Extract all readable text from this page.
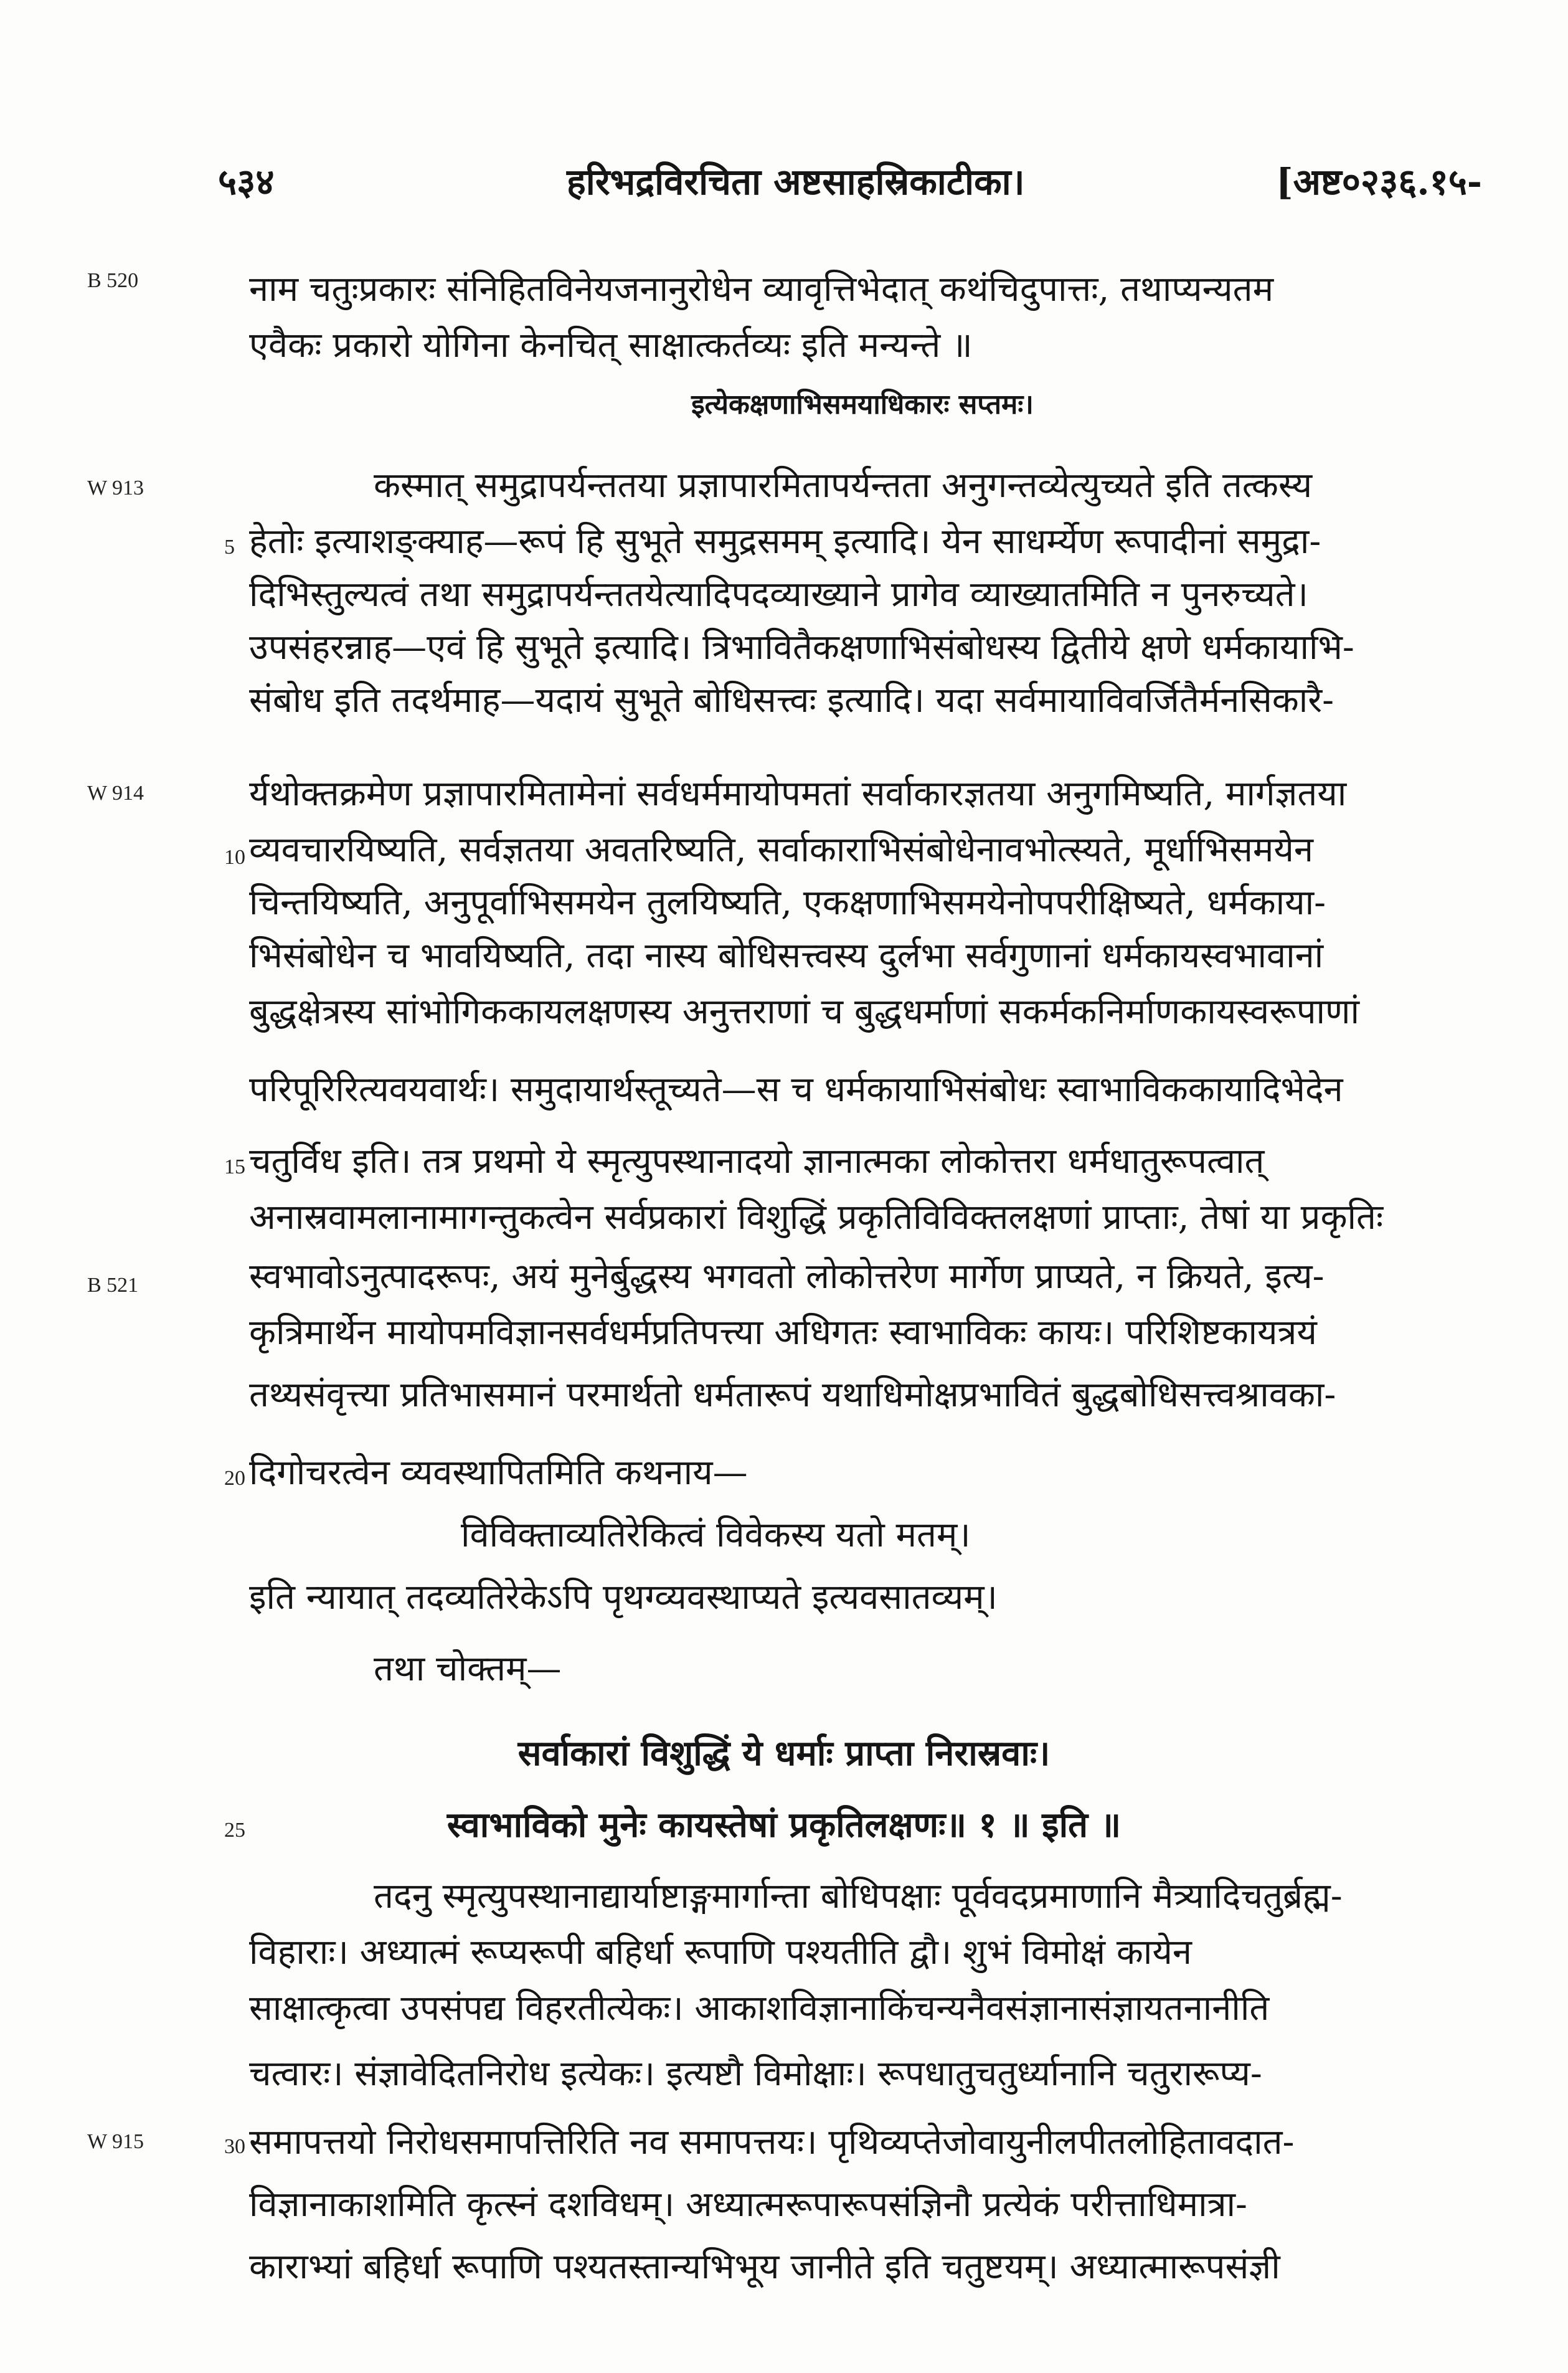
५३४	हरिभद्रविरचिता अष्टसाहस्रिकाटीका।	[अष्ट०२३६.१५-
B 520
W 913
W 914
B 521
W 915
5
10
15
20
25
30
नाम चतुःप्रकारः संनिहितविनेयजनानुरोधेन व्यावृत्तिभेदात् कथंचिदुपात्तः, तथाप्यन्यतम
एवैकः प्रकारो योगिना केनचित् साक्षात्कर्तव्यः इति मन्यन्ते ॥
इत्येकक्षणाभिसमयाधिकारः सप्तमः।
कस्मात् समुद्रापर्यन्ततया प्रज्ञापारमितापर्यन्तता अनुगन्तव्येत्युच्यते इति तत्कस्य
हेतोः इत्याशङ्क्याह—रूपं हि सुभूते समुद्रसमम् इत्यादि। येन साधर्म्येण रूपादीनां समुद्रा-
दिभिस्तुल्यत्वं तथा समुद्रापर्यन्ततयेत्यादिपदव्याख्याने प्रागेव व्याख्यातमिति न पुनरुच्यते।
उपसंहरन्नाह—एवं हि सुभूते इत्यादि। त्रिभावितैकक्षणाभिसंबोधस्य द्वितीये क्षणे धर्मकायाभि-
संबोध इति तदर्थमाह—यदायं सुभूते बोधिसत्त्वः इत्यादि। यदा सर्वमायाविवर्जितैर्मनसिकारै-
र्यथोक्तक्रमेण प्रज्ञापारमितामेनां सर्वधर्ममायोपमतां सर्वाकारज्ञतया अनुगमिष्यति, मार्गज्ञतया
व्यवचारयिष्यति, सर्वज्ञतया अवतरिष्यति, सर्वाकाराभिसंबोधेनावभोत्स्यते, मूर्धाभिसमयेन
चिन्तयिष्यति, अनुपूर्वाभिसमयेन तुलयिष्यति, एकक्षणाभिसमयेनोपपरीक्षिष्यते, धर्मकाया-
भिसंबोधेन च भावयिष्यति, तदा नास्य बोधिसत्त्वस्य दुर्लभा सर्वगुणानां धर्मकायस्वभावानां
बुद्धक्षेत्रस्य सांभोगिककायलक्षणस्य अनुत्तराणां च बुद्धधर्माणां सकर्मकनिर्माणकायस्वरूपाणां
परिपूरिरित्यवयवार्थः। समुदायार्थस्तूच्यते—स च धर्मकायाभिसंबोधः स्वाभाविककायादिभेदेन
चतुर्विध इति। तत्र प्रथमो ये स्मृत्युपस्थानादयो ज्ञानात्मका लोकोत्तरा धर्मधातुरूपत्वात्
अनास्रवामलानामागन्तुकत्वेन सर्वप्रकारां विशुद्धिं प्रकृतिविविक्तलक्षणां प्राप्ताः, तेषां या प्रकृतिः
स्वभावोऽनुत्पादरूपः, अयं मुनेर्बुद्धस्य भगवतो लोकोत्तरेण मार्गेण प्राप्यते, न क्रियते, इत्य-
कृत्रिमार्थेन मायोपमविज्ञानसर्वधर्मप्रतिपत्त्या अधिगतः स्वाभाविकः कायः। परिशिष्टकायत्रयं
तथ्यसंवृत्त्या प्रतिभासमानं परमार्थतो धर्मतारूपं यथाधिमोक्षप्रभावितं बुद्धबोधिसत्त्वश्रावका-
दिगोचरत्वेन व्यवस्थापितमिति कथनाय—
विविक्ताव्यतिरेकित्वं विवेकस्य यतो मतम्।
इति न्यायात् तदव्यतिरेकेऽपि पृथग्व्यवस्थाप्यते इत्यवसातव्यम्।
तथा चोक्तम्—
सर्वाकारां विशुद्धिं ये धर्माः प्राप्ता निरास्रवाः।
स्वाभाविको मुनेः कायस्तेषां प्रकृतिलक्षणः॥ १ ॥ इति ॥
तदनु स्मृत्युपस्थानाद्यार्याष्टाङ्गमार्गान्ता बोधिपक्षाः पूर्ववदप्रमाणानि मैत्र्यादिचतुर्ब्रह्म-
विहाराः। अध्यात्मं रूप्यरूपी बहिर्धा रूपाणि पश्यतीति द्वौ। शुभं विमोक्षं कायेन
साक्षात्कृत्वा उपसंपद्य विहरतीत्येकः। आकाशविज्ञानाकिंचन्यनैवसंज्ञानासंज्ञायतनानीति
चत्वारः। संज्ञावेदितनिरोध इत्येकः। इत्यष्टौ विमोक्षाः। रूपधातुचतुर्ध्यानानि चतुरारूप्य-
समापत्तयो निरोधसमापत्तिरिति नव समापत्तयः। पृथिव्यप्तेजोवायुनीलपीतलोहितावदात-
विज्ञानाकाशमिति कृत्स्नं दशविधम्। अध्यात्मरूपारूपसंज्ञिनौ प्रत्येकं परीत्ताधिमात्रा-
काराभ्यां बहिर्धा रूपाणि पश्यतस्तान्यभिभूय जानीते इति चतुष्टयम्। अध्यात्मारूपसंज्ञी
